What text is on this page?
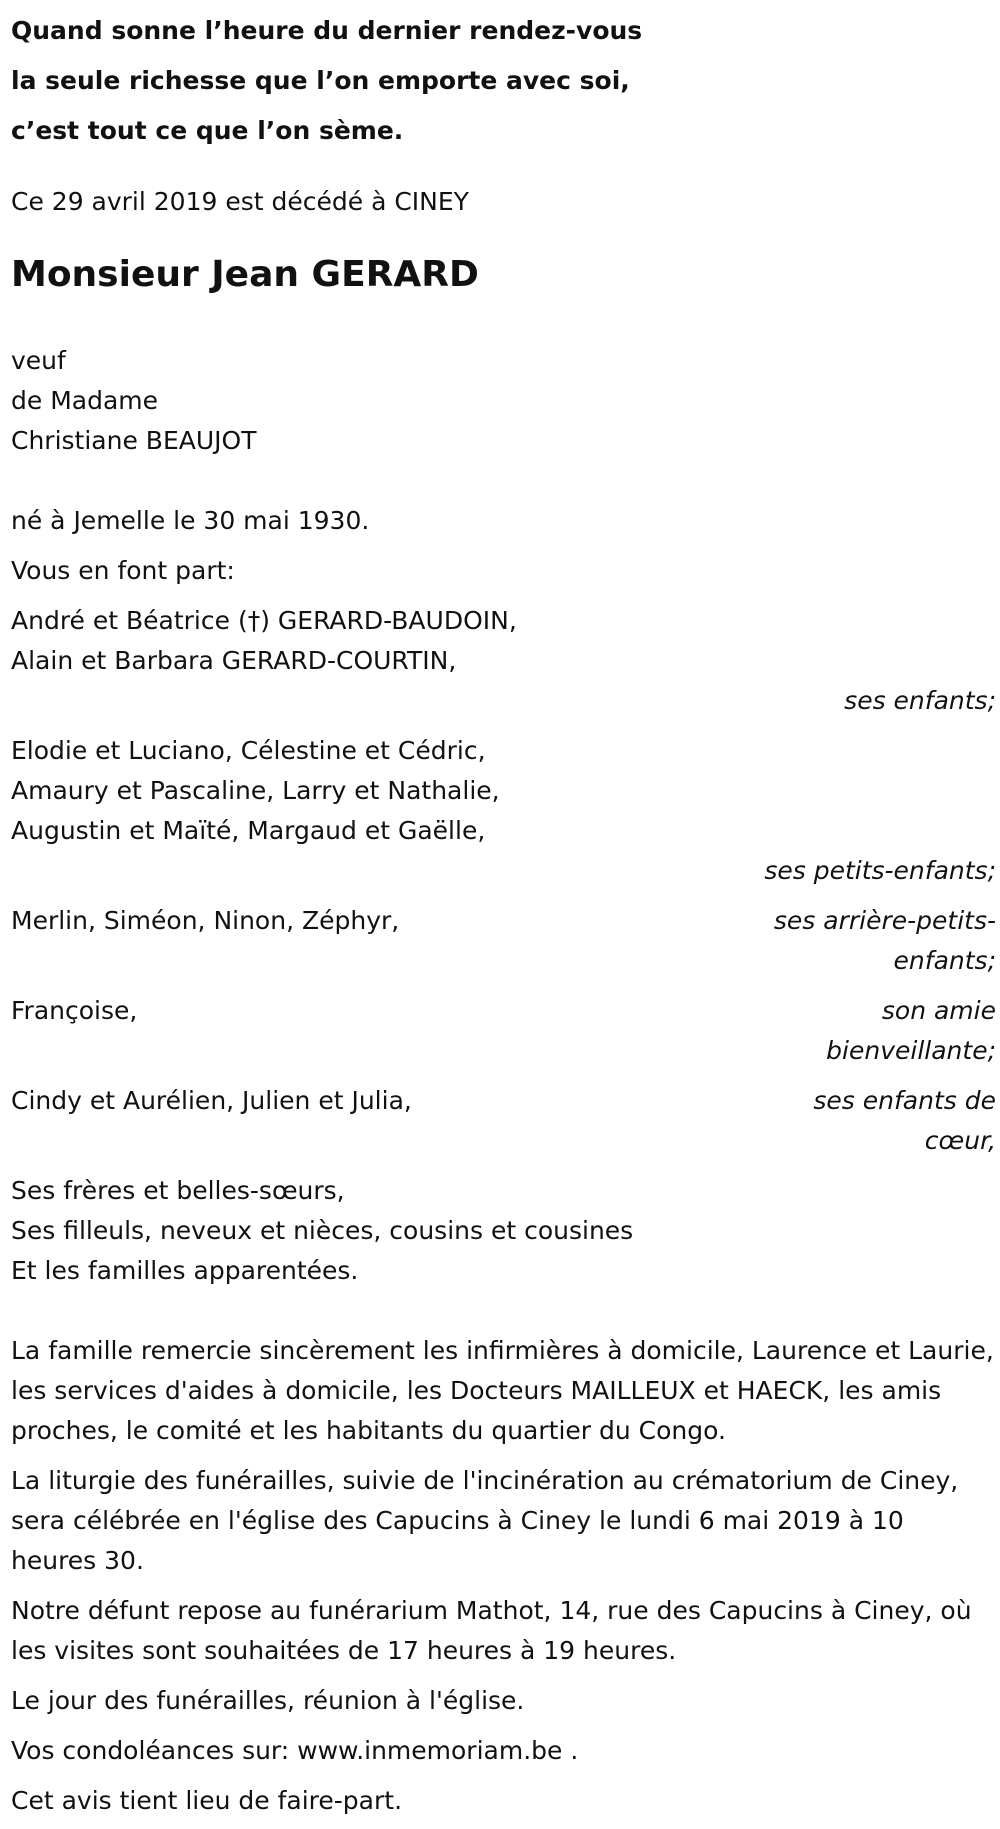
Quand sonne l’heure du dernier rendez-vous
la seule richesse que l’on emporte avec soi,
c’est tout ce que l’on sème.
Ce 29 avril 2019 est décédé à CINEY
Monsieur Jean GERARD
veuf
de Madame
Christiane BEAUJOT
né à Jemelle le 30 mai 1930.
Vous en font part:
André et Béatrice (†) GERARD-BAUDOIN,
Alain et Barbara GERARD-COURTIN,
ses enfants;
Elodie et Luciano, Célestine et Cédric,
Amaury et Pascaline, Larry et Nathalie,
Augustin et Maïté, Margaud et Gaëlle,
ses petits-enfants;
Merlin, Siméon, Ninon, Zéphyr,	ses arrière-petits-enfants;
Françoise,	son amie bienveillante;
Cindy et Aurélien, Julien et Julia,	ses enfants de cœur,
Ses frères et belles-sœurs,
Ses filleuls, neveux et nièces, cousins et cousines
Et les familles apparentées.
La famille remercie sincèrement les infirmières à domicile, Laurence et Laurie, les services d'aides à domicile, les Docteurs MAILLEUX et HAECK, les amis proches, le comité et les habitants du quartier du Congo.
La liturgie des funérailles, suivie de l'incinération au crématorium de Ciney, sera célébrée en l'église des Capucins à Ciney le lundi 6 mai 2019 à 10 heures 30.
Notre défunt repose au funérarium Mathot, 14, rue des Capucins à Ciney, où les visites sont souhaitées de 17 heures à 19 heures.
Le jour des funérailles, réunion à l'église.
Vos condoléances sur: www.inmemoriam.be .
Cet avis tient lieu de faire-part.
